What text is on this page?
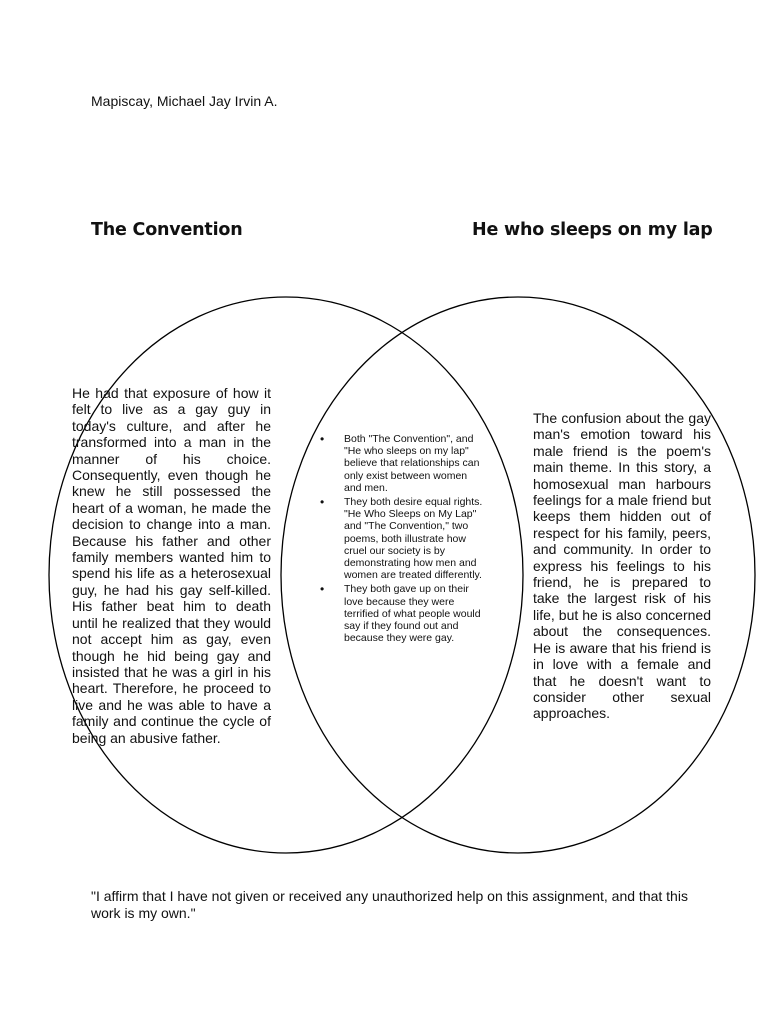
Mapiscay, Michael Jay Irvin A.
The Convention	He who sleeps on my lap

He had that exposure of how it felt to live as a gay guy in today's culture, and after he transformed into a man in the manner of his choice. Consequently, even though he knew he still possessed the heart of a woman, he made the decision to change into a man. Because his father and other family members wanted him to spend his life as a heterosexual guy, he had his gay self-killed. His father beat him to death until he realized that they would not accept him as gay, even though he hid being gay and insisted that he was a girl in his heart. Therefore, he proceed to live and he was able to have a family and continue the cycle of being an abusive father.

• Both "The Convention", and "He who sleeps on my lap" believe that relationships can only exist between women and men.
• They both desire equal rights. "He Who Sleeps on My Lap" and "The Convention," two poems, both illustrate how cruel our society is by demonstrating how men and women are treated differently.
• They both gave up on their love because they were terrified of what people would say if they found out and because they were gay.

The confusion about the gay man's emotion toward his male friend is the poem's main theme. In this story, a homosexual man harbours feelings for a male friend but keeps them hidden out of respect for his family, peers, and community. In order to express his feelings to his friend, he is prepared to take the largest risk of his life, but he is also concerned about the consequences. He is aware that his friend is in love with a female and that he doesn't want to consider other sexual approaches.

"I affirm that I have not given or received any unauthorized help on this assignment, and that this work is my own."
